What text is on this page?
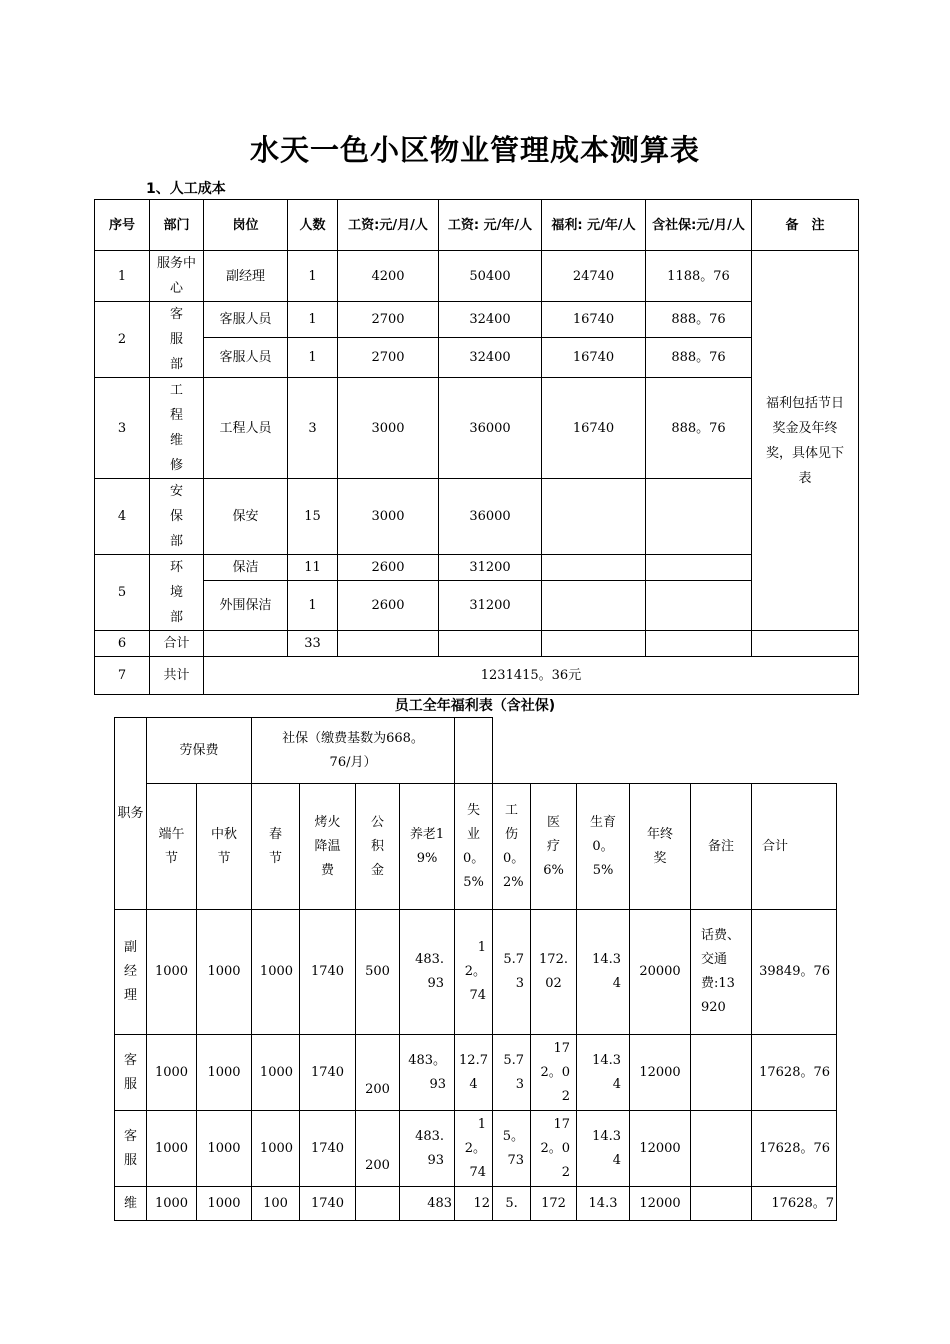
水天一色小区物业管理成本测算表
1、人工成本
序号	部门	岗位	人数	工资:元/月/人	工资: 元/年/人	福利: 元/年/人	含社保:元/月/人	备　注
1	服务中心	副经理	1	4200	50400	24740	1188。76	福利包括节日奖金及年终奖，具体见下表
2	客服部	客服人员	1	2700	32400	16740	888。76	
		客服人员	1	2700	32400	16740	888。76	
3	工程维修	工程人员	3	3000	36000	16740	888。76	
4	安保部	保安	15	3000	36000			
5	环境部	保洁	11	2600	31200			
		外围保洁	1	2600	31200			
6	合计		33					
7	共计	1231415。36元						
员工全年福利表（含社保)
职务	劳保费		社保（缴费基数为668。76/月）										
	端午节	中秋节	春节	烤火降温费	公积金	养老19%	失业0。5%	工伤0。2%	医疗6%	生育0。5%	年终奖	备注	合计
副经理	1000	1000	1000	1740	500	483.93	12。74	5.73	172.02	14.34	20000	话费、交通费:13920	39849。76
客服	1000	1000	1000	1740	200	483。93	12.74	5.73	172。02	14.34	12000		17628。76
客服	1000	1000	1000	1740	200	483.93	12。74	5。73	172。02	14.34	12000		17628。76
维	1000	1000	100	1740		483	12	5.	172	14.3	12000		17628。7
